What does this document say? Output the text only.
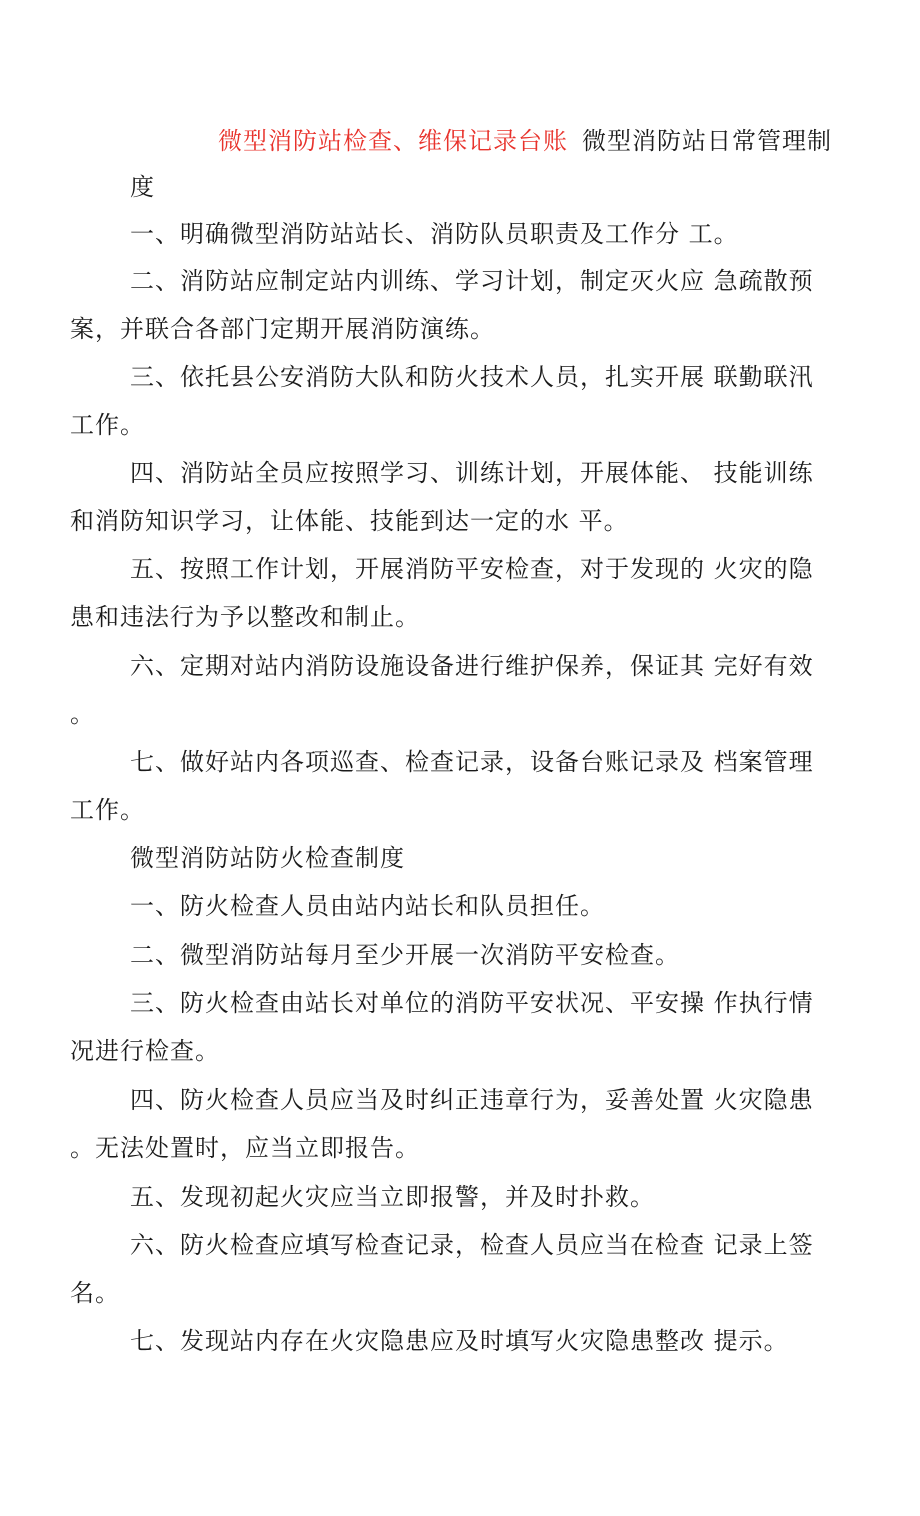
微型消防站检查、维保记录台账 微型消防站日常管理制
度
一、明确微型消防站站长、消防队员职责及工作分 工。
二、消防站应制定站内训练、学习计划，制定灭火应 急疏散预
案，并联合各部门定期开展消防演练。
三、依托县公安消防大队和防火技术人员，扎实开展 联勤联汛
工作。
四、消防站全员应按照学习、训练计划，开展体能、 技能训练
和消防知识学习，让体能、技能到达一定的水 平。
五、按照工作计划，开展消防平安检查，对于发现的 火灾的隐
患和违法行为予以整改和制止。
六、定期对站内消防设施设备进行维护保养，保证其 完好有效
。
七、做好站内各项巡查、检查记录，设备台账记录及 档案管理
工作。
微型消防站防火检查制度
一、防火检查人员由站内站长和队员担任。
二、微型消防站每月至少开展一次消防平安检查。
三、防火检查由站长对单位的消防平安状况、平安操 作执行情
况进行检查。
四、防火检查人员应当及时纠正违章行为，妥善处置 火灾隐患
。无法处置时，应当立即报告。
五、发现初起火灾应当立即报警，并及时扑救。
六、防火检查应填写检查记录，检查人员应当在检查 记录上签
名。
七、发现站内存在火灾隐患应及时填写火灾隐患整改 提示。
